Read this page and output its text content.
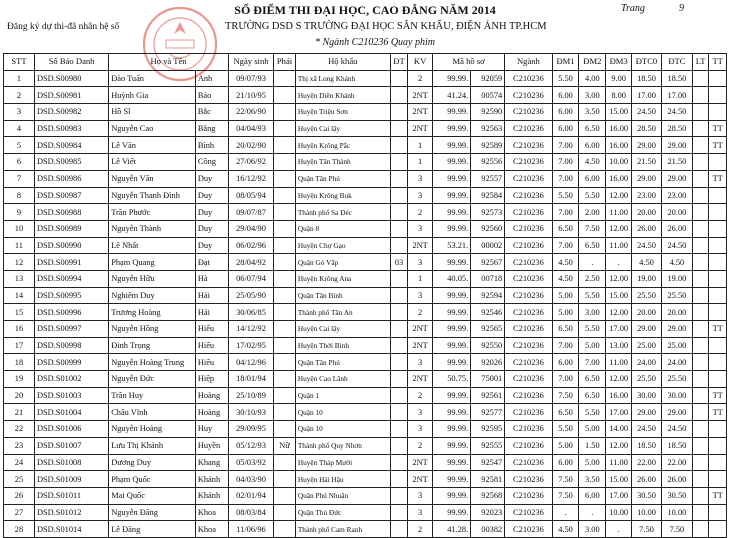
SỔ ĐIỂM THI ĐẠI HỌC, CAO ĐẲNG NĂM 2014	Trang	9
Đăng ký dự thi-đã nhân hệ số	TRƯỜNG DSD S TRƯỜNG ĐẠI HỌC SÂN KHẤU, ĐIỆN ẢNH TP.HCM
* Ngành C210236 Quay phim
STT	Số Báo Danh	Họ và Tên		Ngày sinh	Phái	Hộ khẩu	ĐT	KV	Mã hồ sơ		Ngành	ĐM1	ĐM2	ĐM3	ĐTC0	ĐTC	LT	TT
1	DSD.S00980	Đào Tuấn	Anh	09/07/93		Thị xã Long Khánh		2	99.99.	92059	C210236	5.50	4.00	9.00	18.50	18.50		
2	DSD.S00981	Huỳnh Gia	Bảo	21/10/95		Huyện Diên Khánh		2NT	41.24.	00574	C210236	6.00	3.00	8.00	17.00	17.00		
3	DSD.S00982	Hồ Sĩ	Bắc	22/06/90		Huyện Triệu Sơn		2NT	99.99.	92590	C210236	6.00	3.50	15.00	24.50	24.50		
4	DSD.S00983	Nguyễn Cao	Bằng	04/04/93		Huyện Cai lậy		2NT	99.99.	92563	C210236	6.00	6.50	16.00	28.50	28.50		TT
5	DSD.S00984	Lê Văn	Bình	20/02/90		Huyện Krông Pắc		1	99.99.	92589	C210236	7.00	6.00	16.00	29.00	29.00		TT
6	DSD.S00985	Lê Viết	Công	27/06/92		Huyện Tân Thành		1	99.99.	92556	C210236	7.00	4.50	10.00	21.50	21.50		
7	DSD.S00986	Nguyễn Văn	Duy	16/12/92		Quận Tân Phú		3	99.99.	92557	C210236	7.00	6.00	16.00	29.00	29.00		TT
8	DSD.S00987	Nguyễn Thanh Đình	Duy	08/05/94		Huyện Krông Buk		3	99.99.	92584	C210236	5.50	5.50	12.00	23.00	23.00		
9	DSD.S00988	Trần Phước	Duy	09/07/87		Thành phố Sa Đéc		2	99.99.	92573	C210236	7.00	2.00	11.00	20.00	20.00		
10	DSD.S00989	Nguyễn Thành	Duy	29/04/90		Quận 8		3	99.99.	92560	C210236	6.50	7.50	12.00	26.00	26.00		
11	DSD.S00990	Lê Nhất	Duy	06/02/96		Huyện Chợ Gạo		2NT	53.21.	00002	C210236	7.00	6.50	11.00	24.50	24.50		
12	DSD.S00991	Phạm Quang	Đạt	28/04/92		Quận Gò Vấp	03	3	99.99.	92567	C210236	4.50	.	.	4.50	4.50		
13	DSD.S00994	Nguyễn Hữu	Hà	06/07/94		Huyện Krông Ana		1	40.05.	00718	C210236	4.50	2.50	12.00	19.00	19.00		
14	DSD.S00995	Nghiêm Duy	Hải	25/05/90		Quận Tân Bình		3	99.99.	92594	C210236	5.00	5.50	15.00	25.50	25.50		
15	DSD.S00996	Trương Hoàng	Hải	30/06/85		Thành phố Tân An		2	99.99.	92546	C210236	5.00	3.00	12.00	20.00	20.00		
16	DSD.S00997	Nguyễn Hồng	Hiếu	14/12/92		Huyện Cai lậy		2NT	99.99.	92565	C210236	6.50	5.50	17.00	29.00	29.00		TT
17	DSD.S00998	Đinh Trọng	Hiếu	17/02/95		Huyện Thới Bình		2NT	99.99.	92550	C210236	7.00	5.00	13.00	25.00	25.00		
18	DSD.S00999	Nguyễn Hoàng Trung	Hiếu	04/12/96		Quận Tân Phú		3	99.99.	92026	C210236	6.00	7.00	11.00	24.00	24.00		
19	DSD.S01002	Nguyễn Đức	Hiệp	18/01/94		Huyện Cao Lãnh		2NT	50.75.	75001	C210236	7.00	6.50	12.00	25.50	25.50		
20	DSD.S01003	Trần Huy	Hoàng	25/10/89		Quận 1		2	99.99.	92561	C210236	7.50	6.50	16.00	30.00	30.00		TT
21	DSD.S01004	Châu Vĩnh	Hoàng	30/10/93		Quận 10		3	99.99.	92577	C210236	6.50	5.50	17.00	29.00	29.00		TT
22	DSD.S01006	Nguyễn Hoàng	Huy	29/09/95		Quận 10		3	99.99.	92595	C210236	5.50	5.00	14.00	24.50	24.50		
23	DSD.S01007	Lưu Thị Khánh	Huyền	05/12/93	Nữ	Thành phố Quy Nhơn		2	99.99.	92555	C210236	5.00	1.50	12.00	18.50	18.50		
24	DSD.S01008	Dương Duy	Khang	05/03/92		Huyện Tháp Mười		2NT	99.99.	92547	C210236	6.00	5.00	11.00	22.00	22.00		
25	DSD.S01009	Phạm Quốc	Khánh	04/03/90		Huyện Hải Hậu		2NT	99.99.	92581	C210236	7.50	3.50	15.00	26.00	26.00		
26	DSD.S01011	Mai Quốc	Khánh	02/01/94		Quận Phú Nhuận		3	99.99.	92568	C210236	7.50	6.00	17.00	30.50	30.50		TT
27	DSD.S01012	Nguyễn Đăng	Khoa	08/03/84		Quận Thủ Đức		3	99.99.	92023	C210236	.	.	10.00	10.00	10.00		
28	DSD.S01014	Lê Đăng	Khoa	11/06/96		Thành phố Cam Ranh		2	41.28.	00382	C210236	4.50	3.00	.	7.50	7.50		
